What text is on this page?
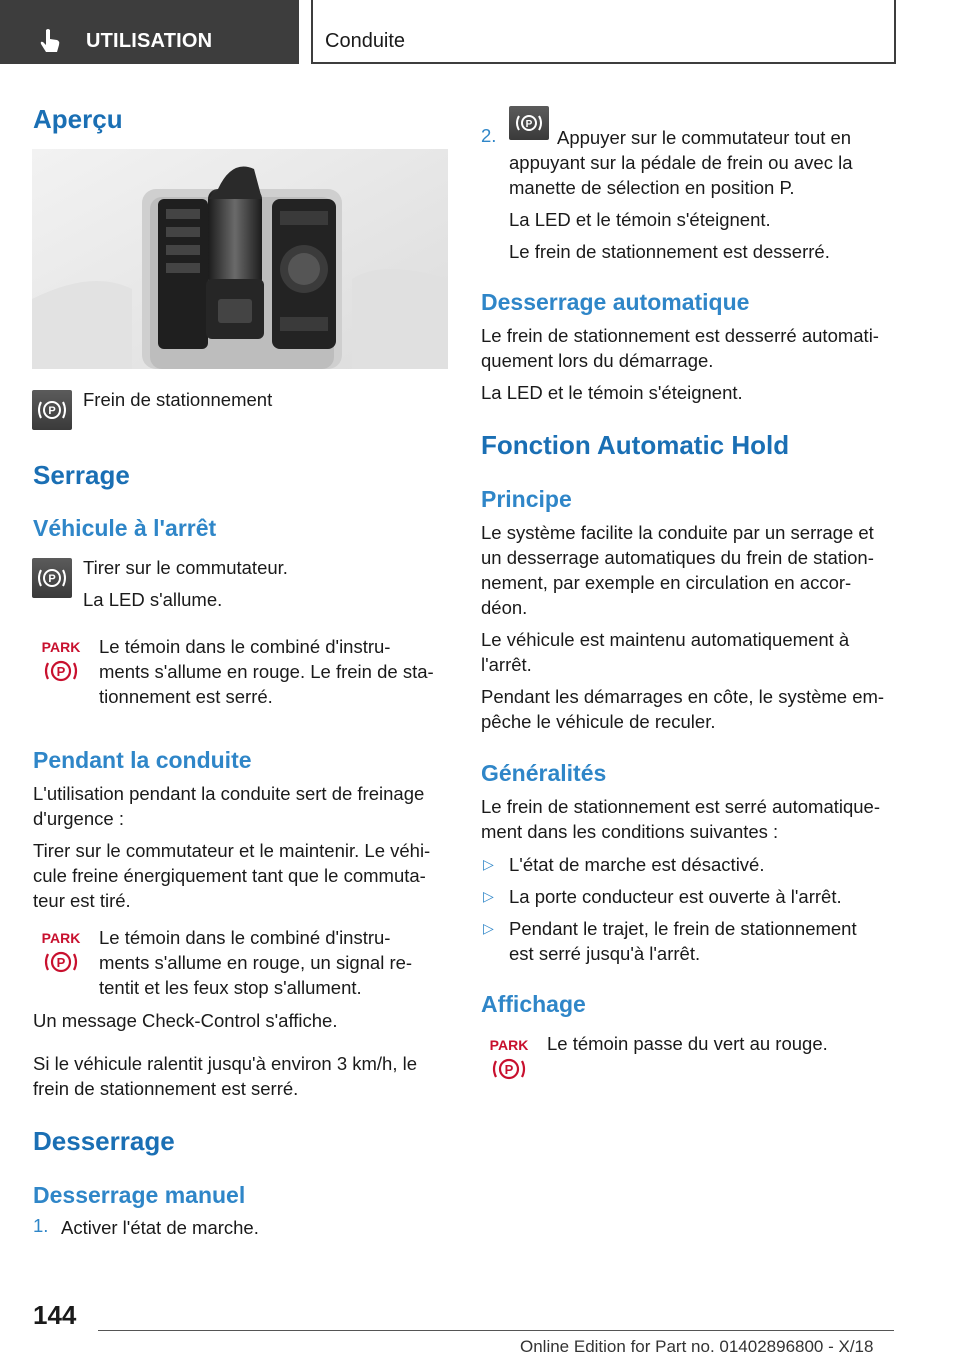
UTILISATION	Conduite
Aperçu
P
Frein de stationnement
Serrage
Véhicule à l'arrêt
P
Tirer sur le commutateur.
La LED s'allume.
PARK
P
Le témoin dans le combiné d'instru-
ments s'allume en rouge. Le frein de sta-
tionnement est serré.
Pendant la conduite
L'utilisation pendant la conduite sert de freinage
d'urgence :
Tirer sur le commutateur et le maintenir. Le véhi-
cule freine énergiquement tant que le commuta-
teur est tiré.
PARK
P
Le témoin dans le combiné d'instru-
ments s'allume en rouge, un signal re-
tentit et les feux stop s'allument.
Un message Check-Control s'affiche.
Si le véhicule ralentit jusqu'à environ 3 km/h, le
frein de stationnement est serré.
Desserrage
Desserrage manuel
1. Activer l'état de marche.
2.
P
Appuyer sur le commutateur tout en
appuyant sur la pédale de frein ou avec la
manette de sélection en position P.
La LED et le témoin s'éteignent.
Le frein de stationnement est desserré.
Desserrage automatique
Le frein de stationnement est desserré automati-
quement lors du démarrage.
La LED et le témoin s'éteignent.
Fonction Automatic Hold
Principe
Le système facilite la conduite par un serrage et
un desserrage automatiques du frein de station-
nement, par exemple en circulation en accor-
déon.
Le véhicule est maintenu automatiquement à
l'arrêt.
Pendant les démarrages en côte, le système em-
pêche le véhicule de reculer.
Généralités
Le frein de stationnement est serré automatique-
ment dans les conditions suivantes :
▷ L'état de marche est désactivé.
▷ La porte conducteur est ouverte à l'arrêt.
▷ Pendant le trajet, le frein de stationnement
est serré jusqu'à l'arrêt.
Affichage
PARK
P
Le témoin passe du vert au rouge.
144
Online Edition for Part no. 01402896800 - X/18
